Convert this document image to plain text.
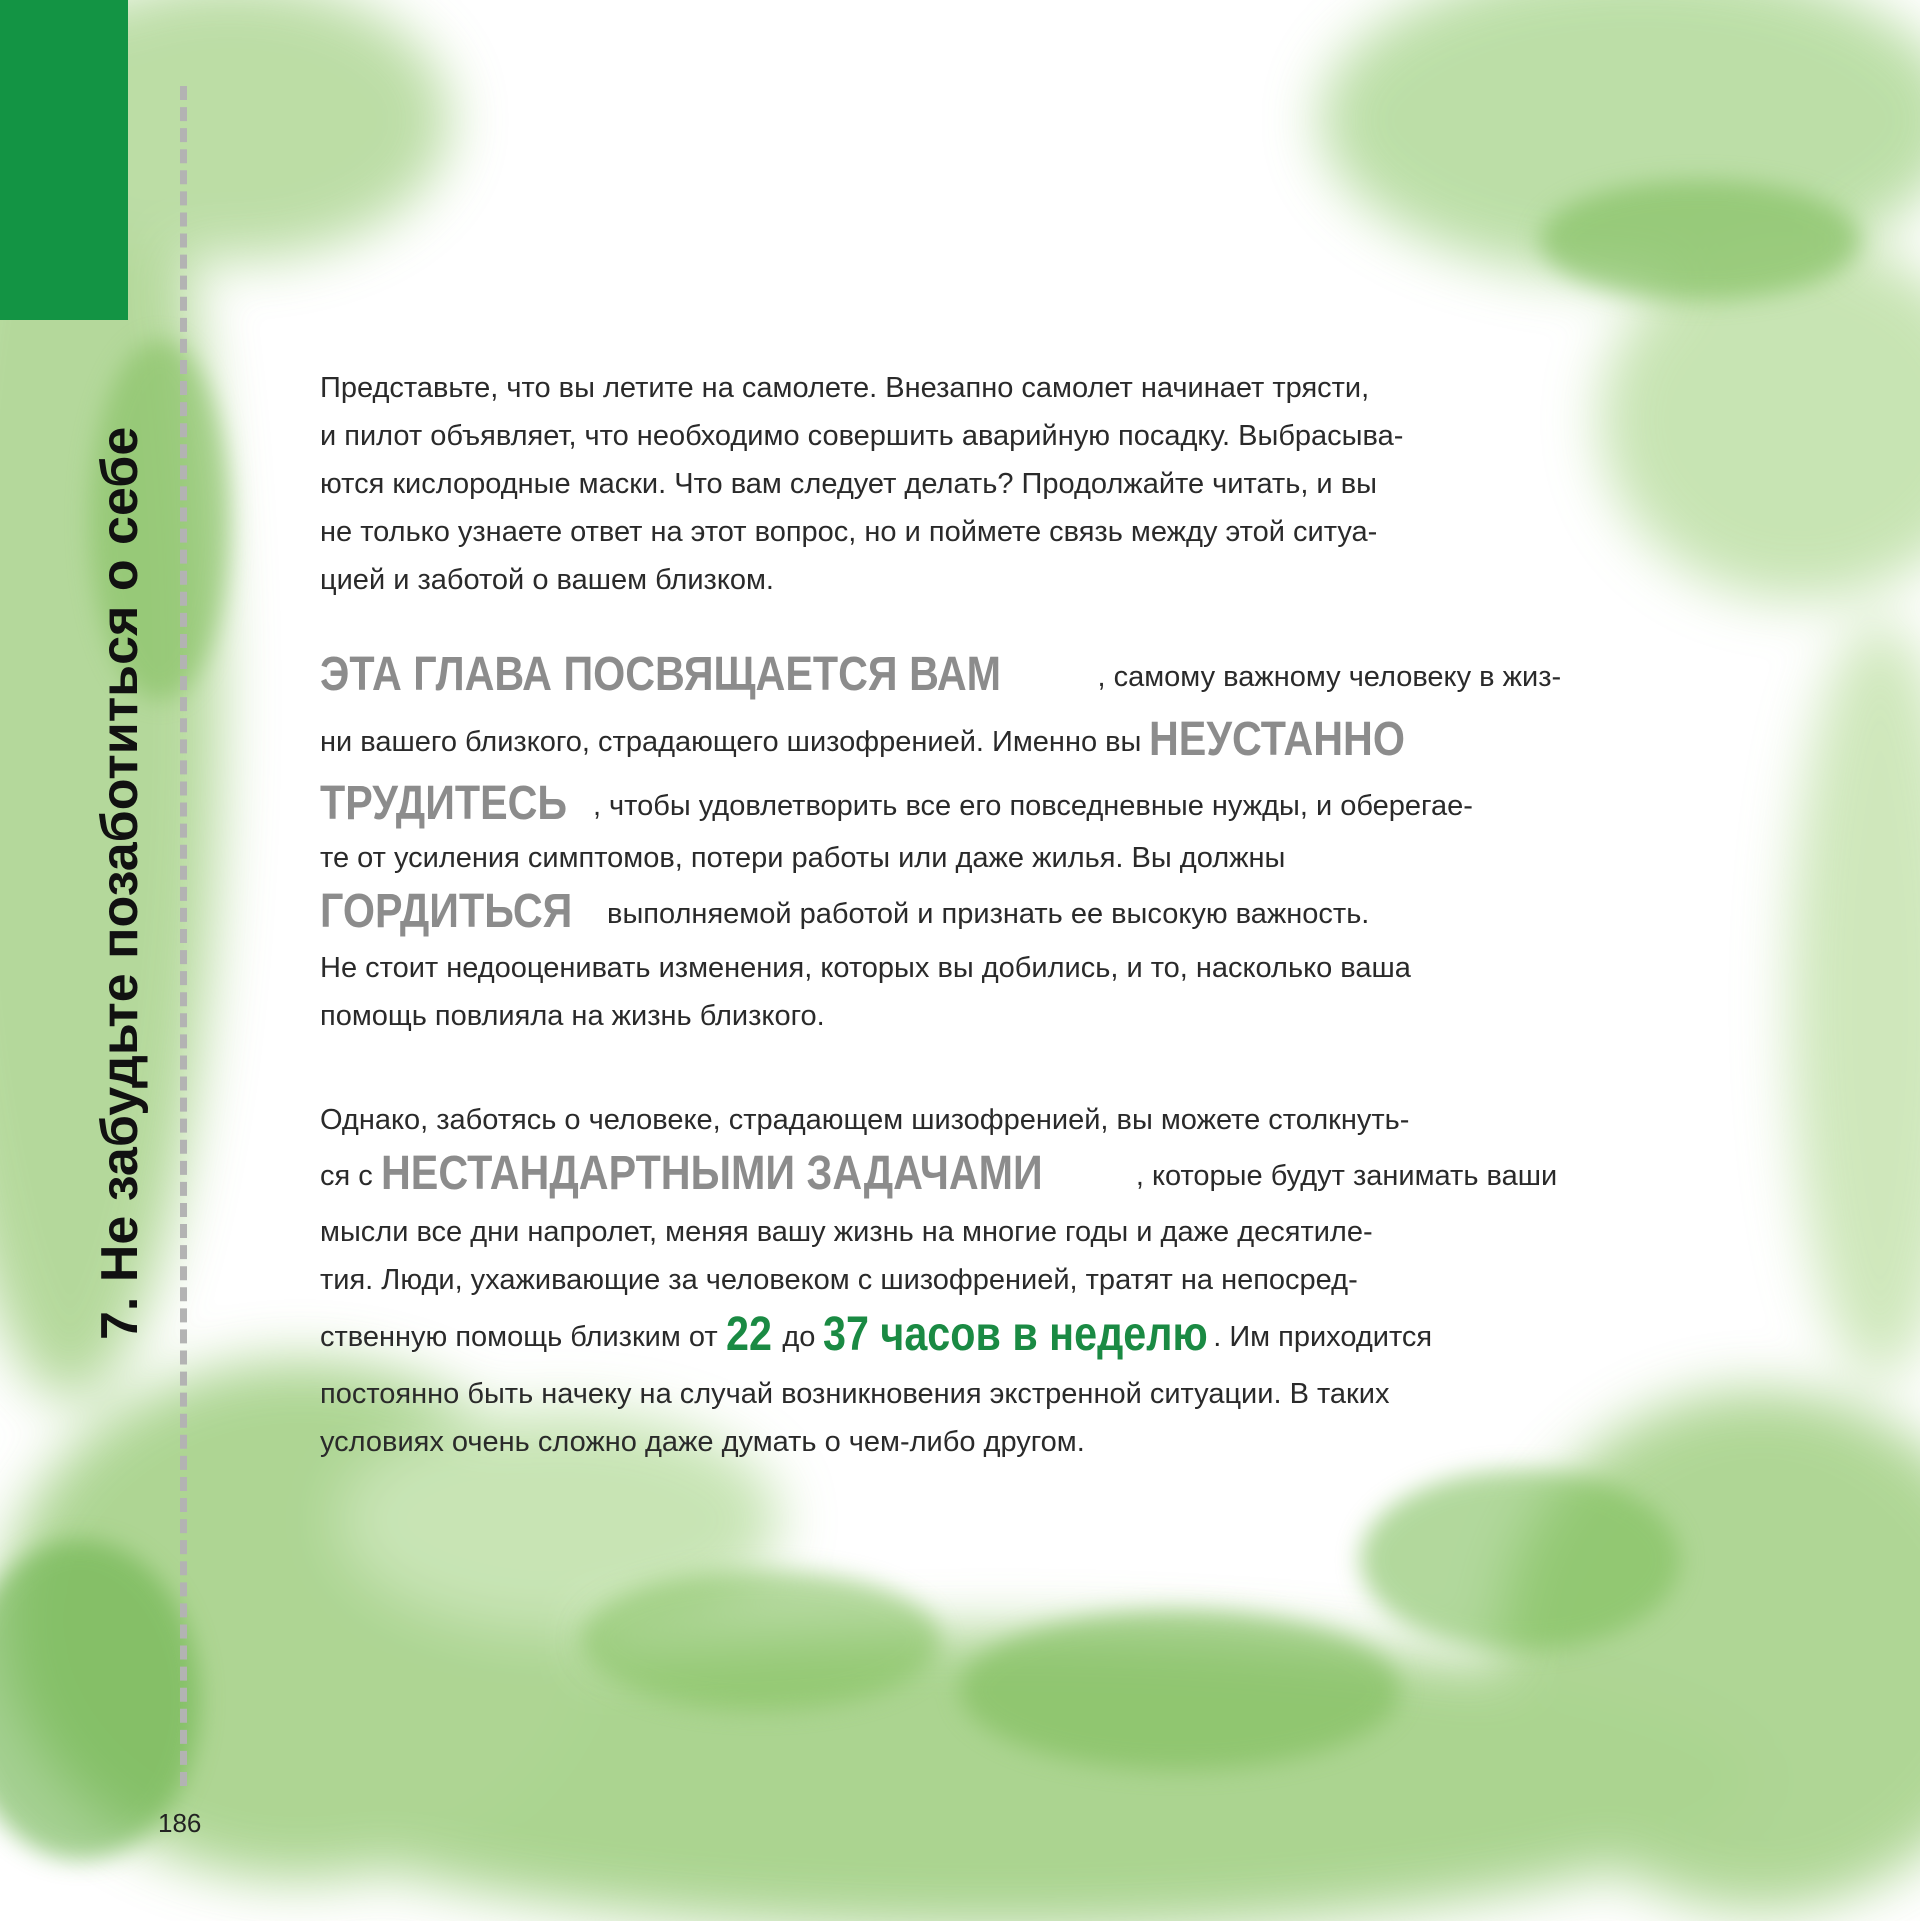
7. Не забудьте позаботиться о себе

186

Представьте, что вы летите на самолете. Внезапно самолет начинает трясти,
и пилот объявляет, что необходимо совершить аварийную посадку. Выбрасыва-
ются кислородные маски. Что вам следует делать? Продолжайте читать, и вы
не только узнаете ответ на этот вопрос, но и поймете связь между этой ситуа-
цией и заботой о вашем близком.

ЭТА ГЛАВА ПОСВЯЩАЕТСЯ ВАМ	, самому важному человеку в жиз-
ни вашего близкого, страдающего шизофренией. Именно вы НЕУСТАННО
ТРУДИТЕСЬ , чтобы удовлетворить все его повседневные нужды, и оберегае-
те от усиления симптомов, потери работы или даже жилья. Вы должны
ГОРДИТЬСЯ выполняемой работой и признать ее высокую важность.
Не стоит недооценивать изменения, которых вы добились, и то, насколько ваша
помощь повлияла на жизнь близкого.

Однако, заботясь о человеке, страдающем шизофренией, вы можете столкнуть-
ся с НЕСТАНДАРТНЫМИ ЗАДАЧАМИ	, которые будут занимать ваши
мысли все дни напролет, меняя вашу жизнь на многие годы и даже десятиле-
тия. Люди, ухаживающие за человеком с шизофренией, тратят на непосред-
ственную помощь близким от 22 до 37 часов в неделю . Им приходится
постоянно быть начеку на случай возникновения экстренной ситуации. В таких
условиях очень сложно даже думать о чем-либо другом.
